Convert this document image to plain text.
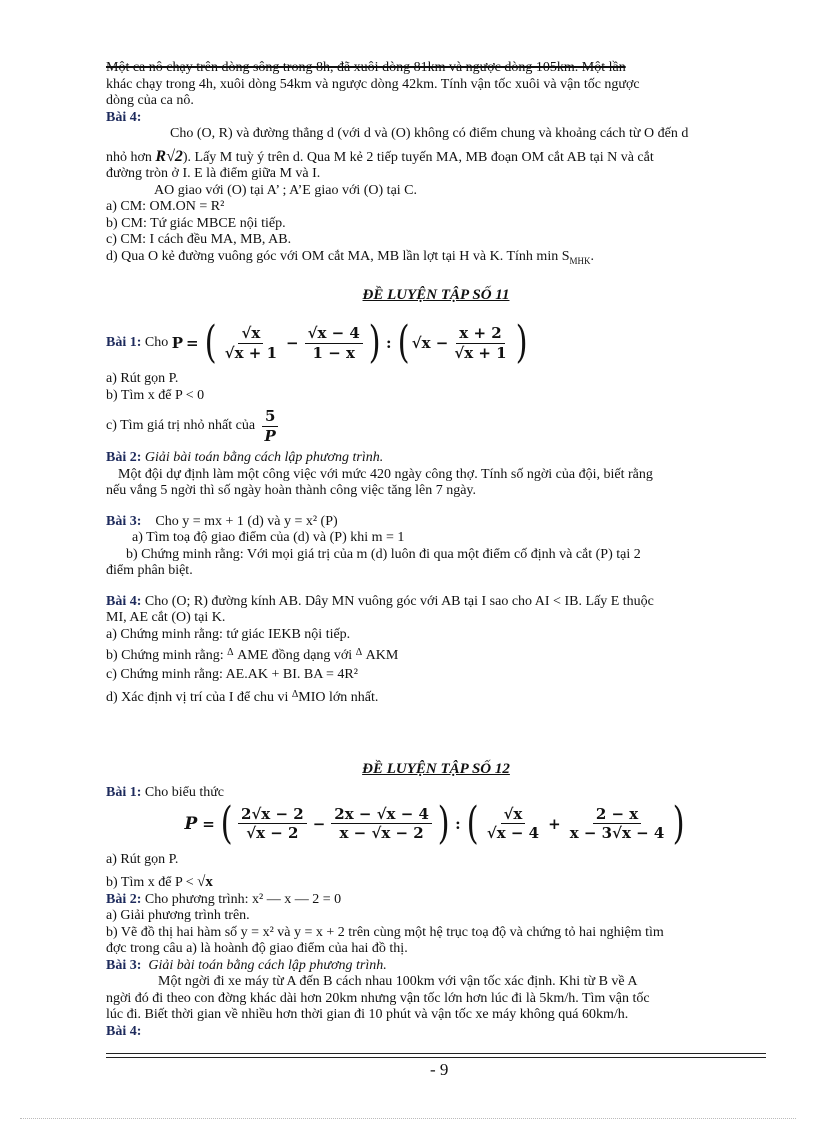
Một ca nô chạy trên dòng sông trong 8h, đã xuôi dòng 81km và ngược dòng 105km. Một lần

khác chạy trong 4h, xuôi dòng 54km và ngược dòng 42km. Tính vận tốc xuôi và vận tốc ngược

dòng của ca nô.

Bài 4:

Cho (O, R) và đường thẳng d (với d và (O) không có điểm chung và khoảng cách từ O đến d

nhỏ hơn R√2). Lấy M tuỳ ý trên d. Qua M kẻ 2 tiếp tuyến MA, MB đoạn OM cắt AB tại N và cắt

đường tròn ở I. E là điểm giữa M và I.

AO giao với (O) tại A’ ; A’E giao với (O) tại C.

a) CM: OM.ON = R²

b) CM: Tứ giác MBCE nội tiếp.

c) CM: I cách đều MA, MB, AB.

d) Qua O kẻ đường vuông góc với OM cắt MA, MB lần lợt tại H và K. Tính $\min S_{MHK}$.

ĐỀ LUYỆN TẬP SỐ 11

Bài 1:
Cho
P = ( $\frac{√x}{√x + 1} - \frac{√x - 4}{1 - x}$ ) : ( $√x - \frac{x + 2}{√x + 1}$ )

a) Rút gọn P.

b) Tìm x để P < 0

c) Tìm giá trị nhỏ nhất của
$\frac{5}{P}$

Bài 2: Giải bài toán bằng cách lập phương trình.

Một đội dự định làm một công việc với mức 420 ngày công thợ. Tính số ngời của đội, biết rằng

nếu vắng 5 ngời thì số ngày hoàn thành công việc tăng lên 7 ngày.

Bài 3: Cho y = mx + 1 (d) và y = x² (P)

a) Tìm toạ độ giao điểm của (d) và (P) khi m = 1

b) Chứng minh rằng: Với mọi giá trị của m (d) luôn đi qua một điểm cố định và cắt (P) tại 2

điểm phân biệt.

Bài 4: Cho (O; R) đường kính AB. Dây MN vuông góc với AB tại I sao cho AI < IB. Lấy E thuộc

MI, AE cắt (O) tại K.

a) Chứng minh rằng: tứ giác IEKB nội tiếp.

b) Chứng minh rằng: $^\Delta$ AME đồng dạng với $^\Delta$ AKM

c) Chứng minh rằng: AE.AK + BI. BA = 4R²

d) Xác định vị trí của I để chu vi $^\Delta$MIO lớn nhất.

ĐỀ LUYỆN TẬP SỐ 12

Bài 1: Cho biểu thức

P = ( $\frac{2√x - 2}{√x - 2} - \frac{2x - √x - 4}{x - √x - 2}$ ) : ( $\frac{√x}{√x - 4} + \frac{2 - x}{x - 3√x - 4}$ )

a) Rút gọn P.

b) Tìm x để P < √x

Bài 2: Cho phương trình: x² — x — 2 = 0

a) Giải phương trình trên.

b) Vẽ đồ thị hai hàm số y = x² và y = x + 2 trên cùng một hệ trục toạ độ và chứng tỏ hai nghiệm tìm

đợc trong câu a) là hoành độ giao điểm của hai đồ thị.

Bài 3: Giải bài toán bằng cách lập phương trình.

Một ngời đi xe máy từ A đến B cách nhau 100km với vận tốc xác định. Khi từ B về A

ngời đó đi theo con đờng khác dài hơn 20km nhưng vận tốc lớn hơn lúc đi là 5km/h. Tìm vận tốc

lúc đi. Biết thời gian về nhiều hơn thời gian đi 10 phút và vận tốc xe máy không quá 60km/h.

Bài 4:

- 9
